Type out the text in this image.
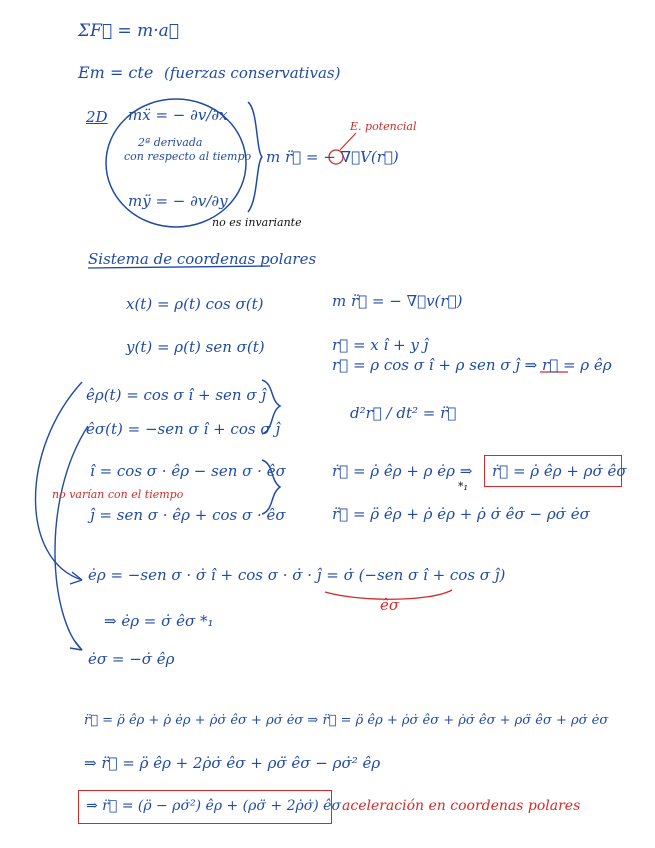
ΣF⃗ = m·a⃗
Em = cte (fuerzas conservativas)
2D mẍ = − ∂v/∂x
2ª derivada
con respecto al tiempo
mÿ = − ∂v/∂y
m r̈⃗ = − ∇⃗V(r⃗)
E. potencial
no es invariante
Sistema de coordenas polares
x(t) = ρ(t) cos σ(t)
y(t) = ρ(t) sen σ(t)
m r̈⃗ = − ∇⃗v(r⃗)
r⃗ = x î + y ĵ
r⃗ = ρ cos σ î + ρ sen σ ĵ ⇒ r⃗ = ρ êρ
êρ(t) = cos σ î + sen σ ĵ
êσ(t) = −sen σ î + cos σ ĵ
d²r⃗ / dt² = r̈⃗
î = cos σ · êρ − sen σ · êσ
no varían con el tiempo
ĵ = sen σ · êρ + cos σ · êσ
ṙ⃗ = ρ̇ êρ + ρ ėρ ⇒ ṙ⃗ = ρ̇ êρ + ρσ̇ êσ
*₁
r̈⃗ = ρ̈ êρ + ρ̇ ėρ + ρ̇ σ̇ êσ − ρσ̇ ėσ
ėρ = −sen σ · σ̇ î + cos σ · σ̇ · ĵ = σ̇ (−sen σ î + cos σ ĵ)
êσ
⇒ ėρ = σ̇ êσ *₁
ėσ = −σ̇ êρ
r̈⃗ = ρ̈ êρ + ρ̇ ėρ + ρ̇σ̇ êσ + ρσ̇ ėσ ⇒ r̈⃗ = ρ̈ êρ + ρ̇σ̇ êσ + ρ̇σ̇ êσ + ρσ̈ êσ + ρσ̇ ėσ
⇒ r̈⃗ = ρ̈ êρ + 2ρ̇σ̇ êσ + ρσ̈ êσ − ρσ̇² êρ
⇒ r̈⃗ = (ρ̈ − ρσ̇²) êρ + (ρσ̈ + 2ρ̇σ̇) êσ aceleración en coordenas polares
